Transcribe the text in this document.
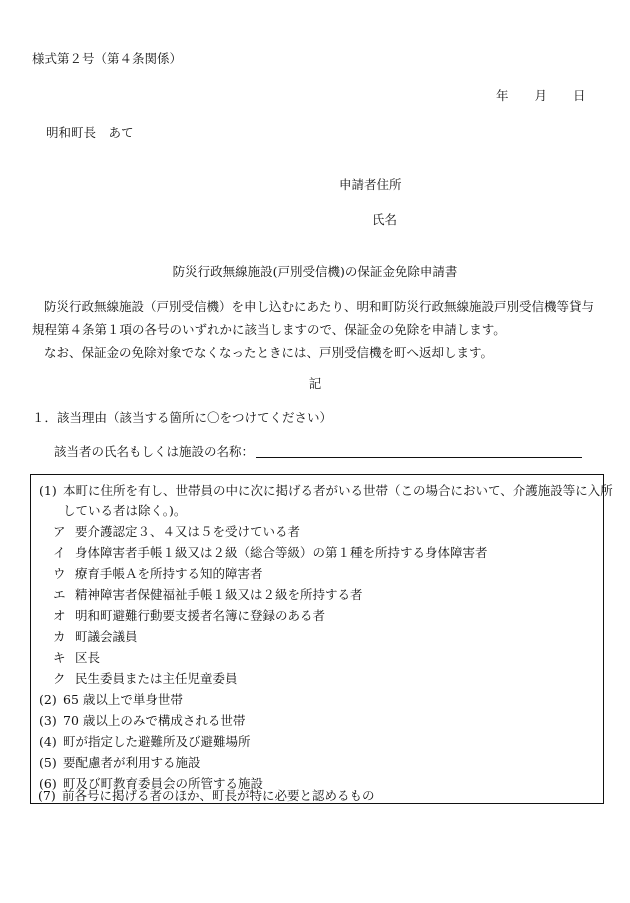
様式第２号（第４条関係）
年 月 日
明和町長　あて
申請者住所
氏名
防災行政無線施設(戸別受信機)の保証金免除申請書
防災行政無線施設（戸別受信機）を申し込むにあたり、明和町防災行政無線施設戸別受信機等貸与規程第４条第１項の各号のいずれかに該当しますので、保証金の免除を申請します。
なお、保証金の免除対象でなくなったときには、戸別受信機を町へ返却します。
記
１．該当理由（該当する箇所に〇をつけてください）
該当者の氏名もしくは施設の名称：
(1) 本町に住所を有し、世帯員の中に次に掲げる者がいる世帯（この場合において、介護施設等に入所
している者は除く。)。
ア 要介護認定３、４又は５を受けている者
イ 身体障害者手帳１級又は２級（総合等級）の第１種を所持する身体障害者
ウ 療育手帳Ａを所持する知的障害者
エ 精神障害者保健福祉手帳１級又は２級を所持する者
オ 明和町避難行動要支援者名簿に登録のある者
カ 町議会議員
キ 区長
ク 民生委員または主任児童委員
(2) 65 歳以上で単身世帯
(3) 70 歳以上のみで構成される世帯
(4) 町が指定した避難所及び避難場所
(5) 要配慮者が利用する施設
(6) 町及び町教育委員会の所管する施設
(7) 前各号に掲げる者のほか、町長が特に必要と認めるもの
